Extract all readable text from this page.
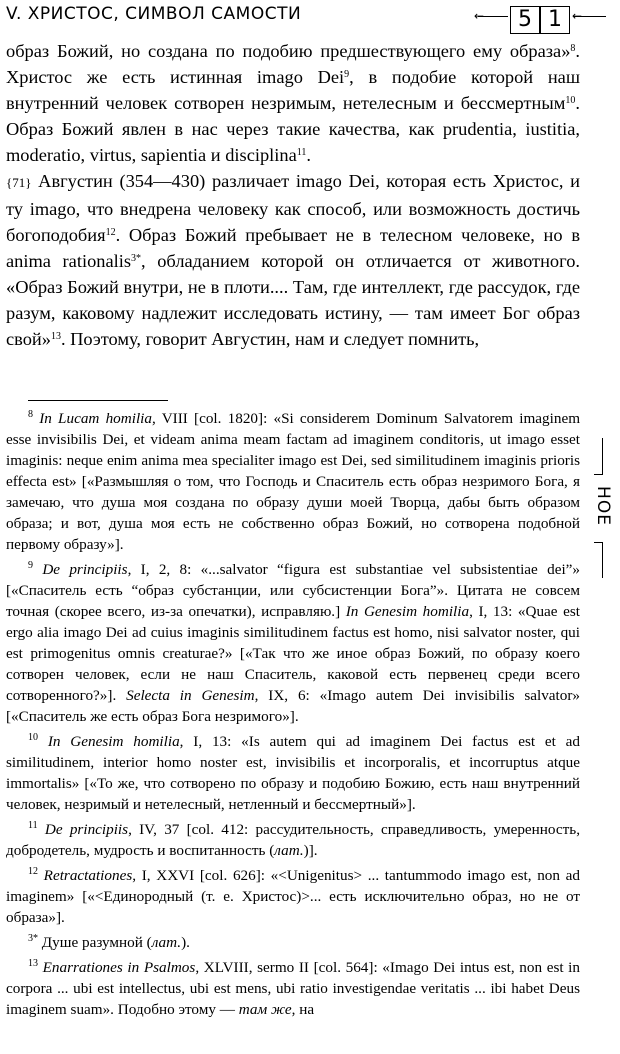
V. ХРИСТОС, СИМВОЛ САМОСТИ	←	5 1 ←

образ Божий, но создана по подобию предшествующего ему образа»$^8$. Христос же есть истинная imago Dei$^9$, в подобие которой наш внутренний человек сотворен незримым, нетелесным и бессмертным$^{10}$. Образ Божий явлен в нас через такие качества, как prudentia, iustitia, moderatio, virtus, sapientia и disciplina$^{11}$.

{71} Августин (354—430) различает imago Dei, которая есть Христос, и ту imago, что внедрена человеку как способ, или возможность достичь богоподобия$^{12}$. Образ Божий пребывает не в телесном человеке, но в anima rationalis$^{3*}$, обладанием которой он отличается от животного. «Образ Божий внутри, не в плоти.... Там, где интеллект, где рассудок, где разум, каковому надлежит исследовать истину, — там имеет Бог образ свой»$^{13}$. Поэтому, говорит Августин, нам и следует помнить,

$^8$ In Lucam homilia, VIII [col. 1820]: «Si considerem Dominum Salvatorem imaginem esse invisibilis Dei, et videam anima meam factam ad imaginem conditoris, ut imago esset imaginis: neque enim anima mea specialiter imago est Dei, sed similitudinem imaginis prioris effecta est» [«Размышляя о том, что Господь и Спаситель есть образ незримого Бога, я замечаю, что душа моя создана по образу души моей Творца, дабы быть образом образа; и вот, душа моя есть не собственно образ Божий, но сотворена подобной первому образу»].

$^9$ De principiis, I, 2, 8: «...salvator “figura est substantiae vel subsistentiae dei”» [«Спаситель есть “образ субстанции, или субсистенции Бога”». Цитата не совсем точная (скорее всего, из-за опечатки), исправляю.] In Genesim homilia, I, 13: «Quae est ergo alia imago Dei ad cuius imaginis similitudinem factus est homo, nisi salvator noster, qui est primogenitus omnis creaturae?» [«Так что же иное образ Божий, по образу коего сотворен человек, если не наш Спаситель, каковой есть первенец среди всего сотворенного?»]. Selecta in Genesim, IX, 6: «Imago autem Dei invisibilis salvator» [«Спаситель же есть образ Бога незримого»].

$^{10}$ In Genesim homilia, I, 13: «Is autem qui ad imaginem Dei factus est et ad similitudinem, interior homo noster est, invisibilis et incorporalis, et incorruptus atque immortalis» [«То же, что сотворено по образу и подобию Божию, есть наш внутренний человек, незримый и нетелесный, нетленный и бессмертный»].

$^{11}$ De principiis, IV, 37 [col. 412: рассудительность, справедливость, умеренность, добродетель, мудрость и воспитанность (лат.)].

$^{12}$ Retractationes, I, XXVI [col. 626]: «<Unigenitus> ... tantummodo imago est, non ad imaginem» [«<Единородный (т. е. Христос)>... есть исключительно образ, но не от образа»].

$^{3*}$ Душе разумной (лат.).

$^{13}$ Enarrationes in Psalmos, XLVIII, sermo II [col. 564]: «Imago Dei intus est, non est in corpora ... ubi est intellectus, ubi est mens, ubi ratio investigendae veritatis ... ibi habet Deus imaginem suam». Подобно этому — там же, на

НОЕ
